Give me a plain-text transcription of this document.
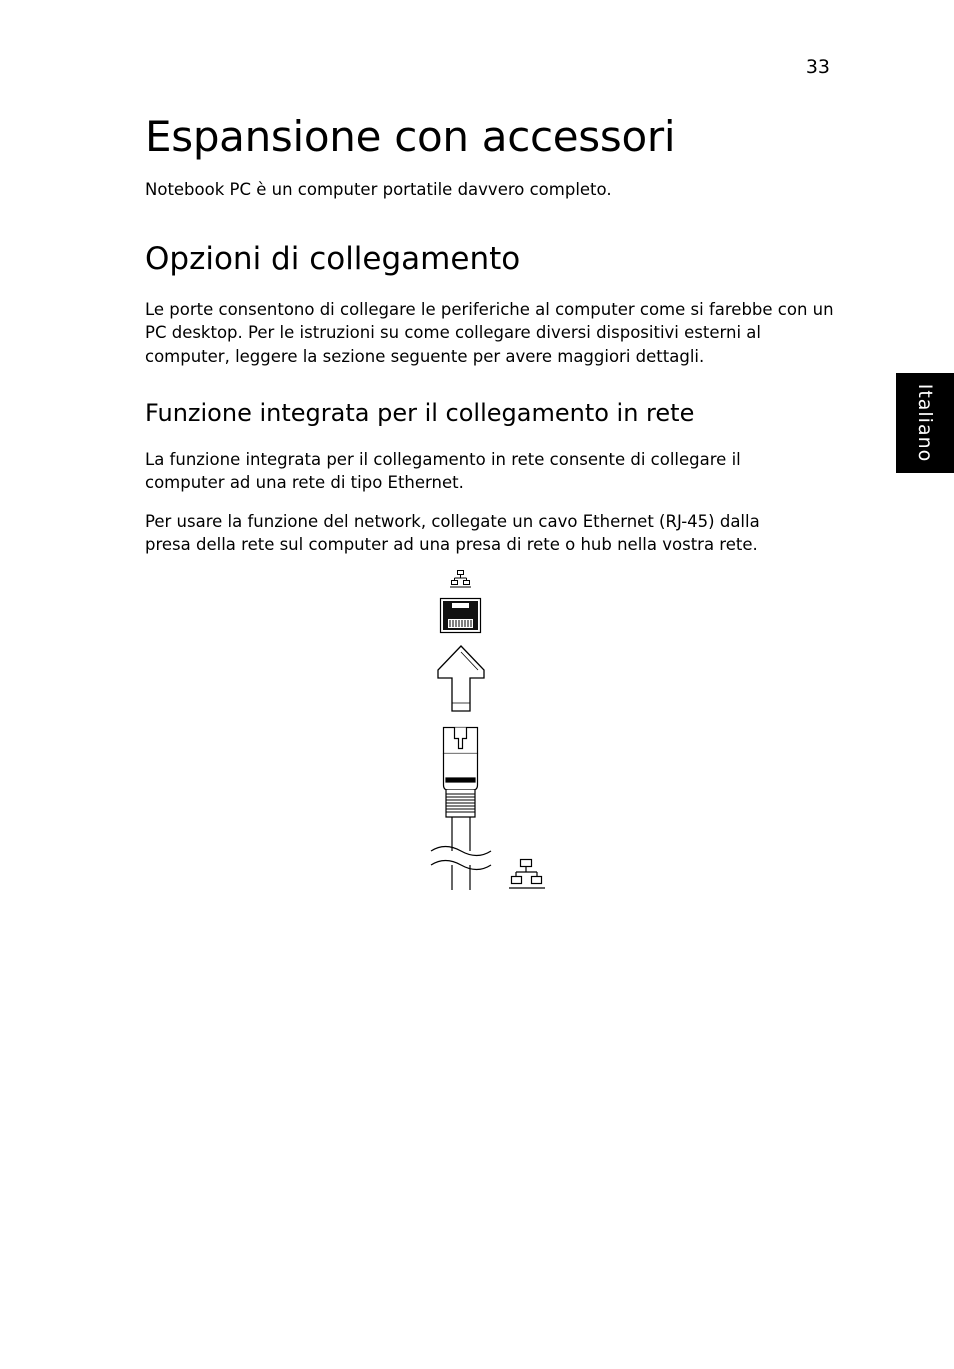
33
Espansione con accessori

Notebook PC è un computer portatile davvero completo.

Opzioni di collegamento

Le porte consentono di collegare le periferiche al computer come si farebbe con un PC desktop. Per le istruzioni su come collegare diversi dispositivi esterni al computer, leggere la sezione seguente per avere maggiori dettagli.

Funzione integrata per il collegamento in rete

La funzione integrata per il collegamento in rete consente di collegare il computer ad una rete di tipo Ethernet.

Per usare la funzione del network, collegate un cavo Ethernet (RJ-45) dalla presa della rete sul computer ad una presa di rete o hub nella vostra rete.

Italiano
